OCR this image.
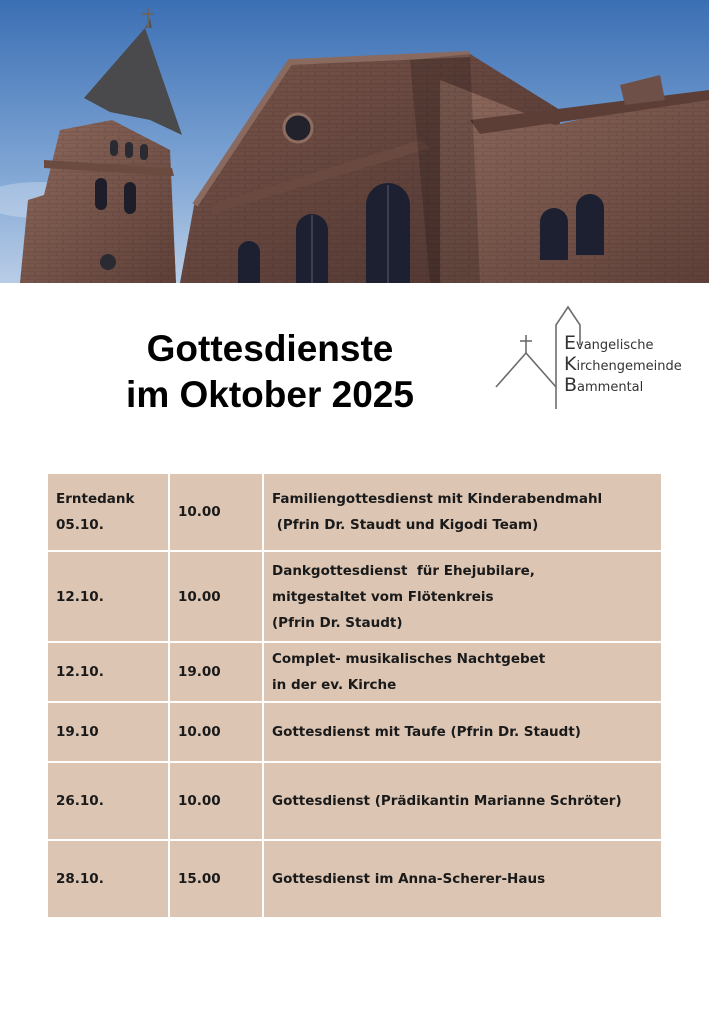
Gottesdienste
im Oktober 2025
Evangelische
Kirchengemeinde
Bammental
Erntedank
05.10.	10.00	Familiengottesdienst mit Kinderabendmahl
(Pfrin Dr. Staudt und Kigodi Team)

12.10.	10.00	Dankgottesdienst  für Ehejubilare,
mitgestaltet vom Flötenkreis
(Pfrin Dr. Staudt)

12.10.	19.00	Complet- musikalisches Nachtgebet
in der ev. Kirche

19.10	10.00	Gottesdienst mit Taufe (Pfrin Dr. Staudt)

26.10.	10.00	Gottesdienst (Prädikantin Marianne Schröter)

28.10.	15.00	Gottesdienst im Anna-Scherer-Haus
